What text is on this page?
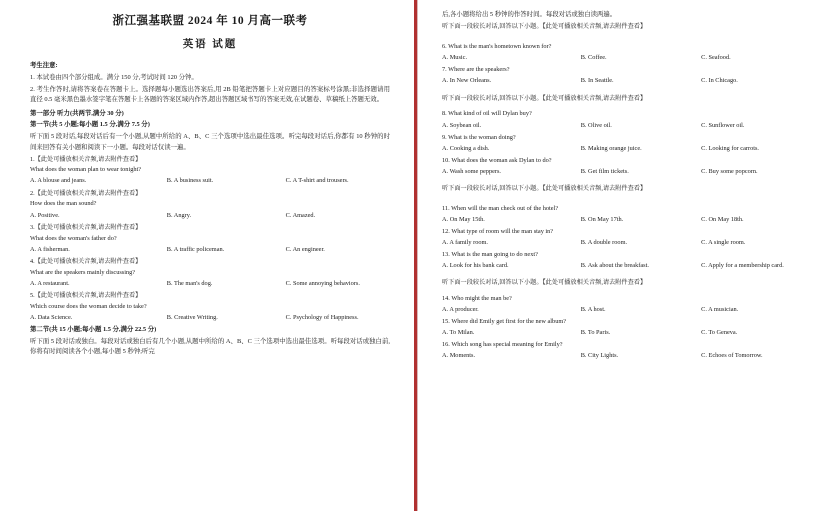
浙江强基联盟 2024 年 10 月高一联考
英语 试题
考生注意:
1. 本试卷由四个部分组成。满分 150 分,考试时间 120 分钟。
2. 考生作答时,请将答案卷在答题卡上。选择题每小题选出答案后,用 2B 铅笔把答题卡上对应题目的答案标号涂黑;非选择题请用直径 0.5 毫米黑色墨水签字笔在答题卡上各题的答案区域内作答,超出答题区域书写的答案无效,在试题卷、草稿纸上答题无效。
第一部分 听力(共两节,满分 30 分)
第一节(共 5 小题;每小题 1.5 分,满分 7.5 分)
听下面 5 段对话,每段对话后有一个小题,从题中所给的 A、B、C 三个选项中选出最佳选项。听完每段对话后,你都有 10 秒钟的时间来回答有关小题和阅读下一小题。每段对话仅读一遍。
1.【此处可播放相关音频,请去附件查看】
What does the woman plan to wear tonight?
A. A blouse and jeans.	B. A business suit.	C. A T-shirt and trousers.
2.【此处可播放相关音频,请去附件查看】
How does the man sound?
A. Positive.	B. Angry.	C. Amazed.
3.【此处可播放相关音频,请去附件查看】
What does the woman's father do?
A. A fisherman.	B. A traffic policeman.	C. An engineer.
4.【此处可播放相关音频,请去附件查看】
What are the speakers mainly discussing?
A. A restaurant.	B. The man's dog.	C. Some annoying behaviors.
5.【此处可播放相关音频,请去附件查看】
Which course does the woman decide to take?
A. Data Science.	B. Creative Writing.	C. Psychology of Happiness.
第二节(共 15 小题;每小题 1.5 分,满分 22.5 分)
听下面 5 段对话或独白。每段对话或独白后有几个小题,从题中所给的 A、B、C 三个选项中选出最佳选项。听每段对话或独白前,你将有时间阅读各个小题,每小题 5 秒钟;听完
后,各小题将给出 5 秒钟的作答时间。每段对话或独白读两遍。
听下面一段较长对话,回答以下小题。【此处可播放相关音频,请去附件查看】
6. What is the man's hometown known for?
A. Music.	B. Coffee.	C. Seafood.
7. Where are the speakers?
A. In New Orleans.	B. In Seattle.	C. In Chicago.
听下面一段较长对话,回答以下小题。【此处可播放相关音频,请去附件查看】
8. What kind of oil will Dylan buy?
A. Soybean oil.	B. Olive oil.	C. Sunflower oil.
9. What is the woman doing?
A. Cooking a dish.	B. Making orange juice.	C. Looking for carrots.
10. What does the woman ask Dylan to do?
A. Wash some peppers.	B. Get film tickets.	C. Buy some popcorn.
听下面一段较长对话,回答以下小题。【此处可播放相关音频,请去附件查看】
11. When will the man check out of the hotel?
A. On May 15th.	B. On May 17th.	C. On May 18th.
12. What type of room will the man stay in?
A. A family room.	B. A double room.	C. A single room.
13. What is the man going to do next?
A. Look for his bank card.	B. Ask about the breakfast.	C. Apply for a membership card.
听下面一段较长对话,回答以下小题。【此处可播放相关音频,请去附件查看】
14. Who might the man be?
A. A producer.	B. A host.	C. A musician.
15. Where did Emily get first for the new album?
A. To Milan.	B. To Paris.	C. To Geneva.
16. Which song has special meaning for Emily?
A. Moments.	B. City Lights.	C. Echoes of Tomorrow.
